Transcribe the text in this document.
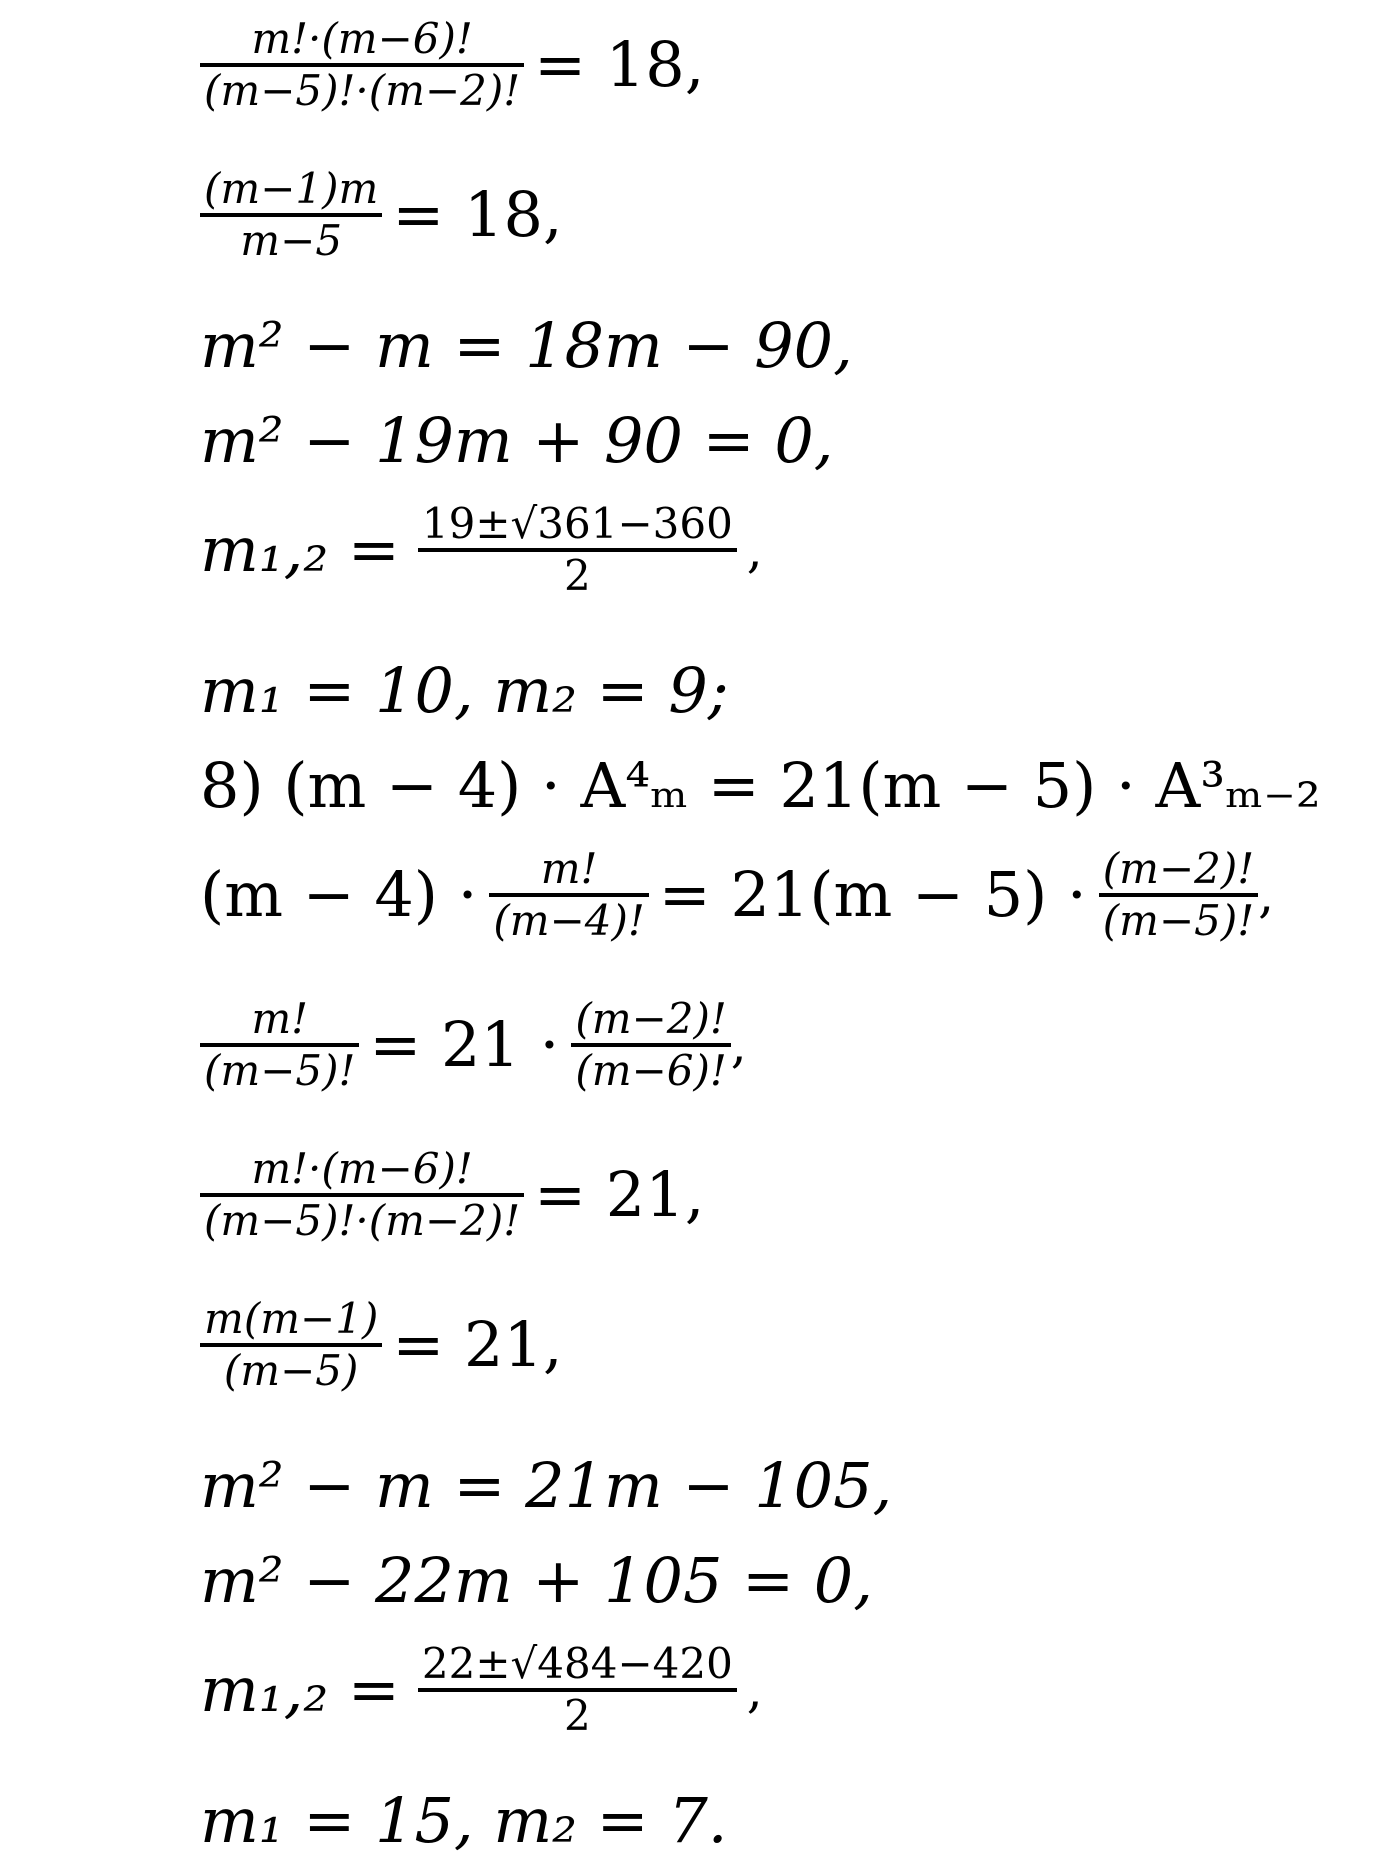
$\frac{m!\cdot(m-6)!}{(m-5)!\cdot(m-2)!} = 18$,
$\frac{(m-1)m}{m-5} = 18$,
m² − m = 18m − 90,
m² − 19m + 90 = 0,
$m_1,_2 = \frac{19\pm√361-360}{2}$ ,
m₁ = 10, m₂ = 9;
8) (m − 4) · A⁴ₘ = 21(m − 5) · A³ₘ₋₂
$(m - 4) \cdot \frac{m!}{(m-4)!} = 21(m - 5) \cdot \frac{(m-2)!}{(m-5)!}$ ,
$\frac{m!}{(m-5)!} = 21 \cdot \frac{(m-2)!}{(m-6)!}$ ,
$\frac{m!\cdot(m-6)!}{(m-5)!\cdot(m-2)!} = 21$,
$\frac{m(m-1)}{(m-5)} = 21$,
m² − m = 21m − 105,
m² − 22m + 105 = 0,
$m_1,_2 = \frac{22\pm√484-420}{2}$ ,
m₁ = 15, m₂ = 7.
